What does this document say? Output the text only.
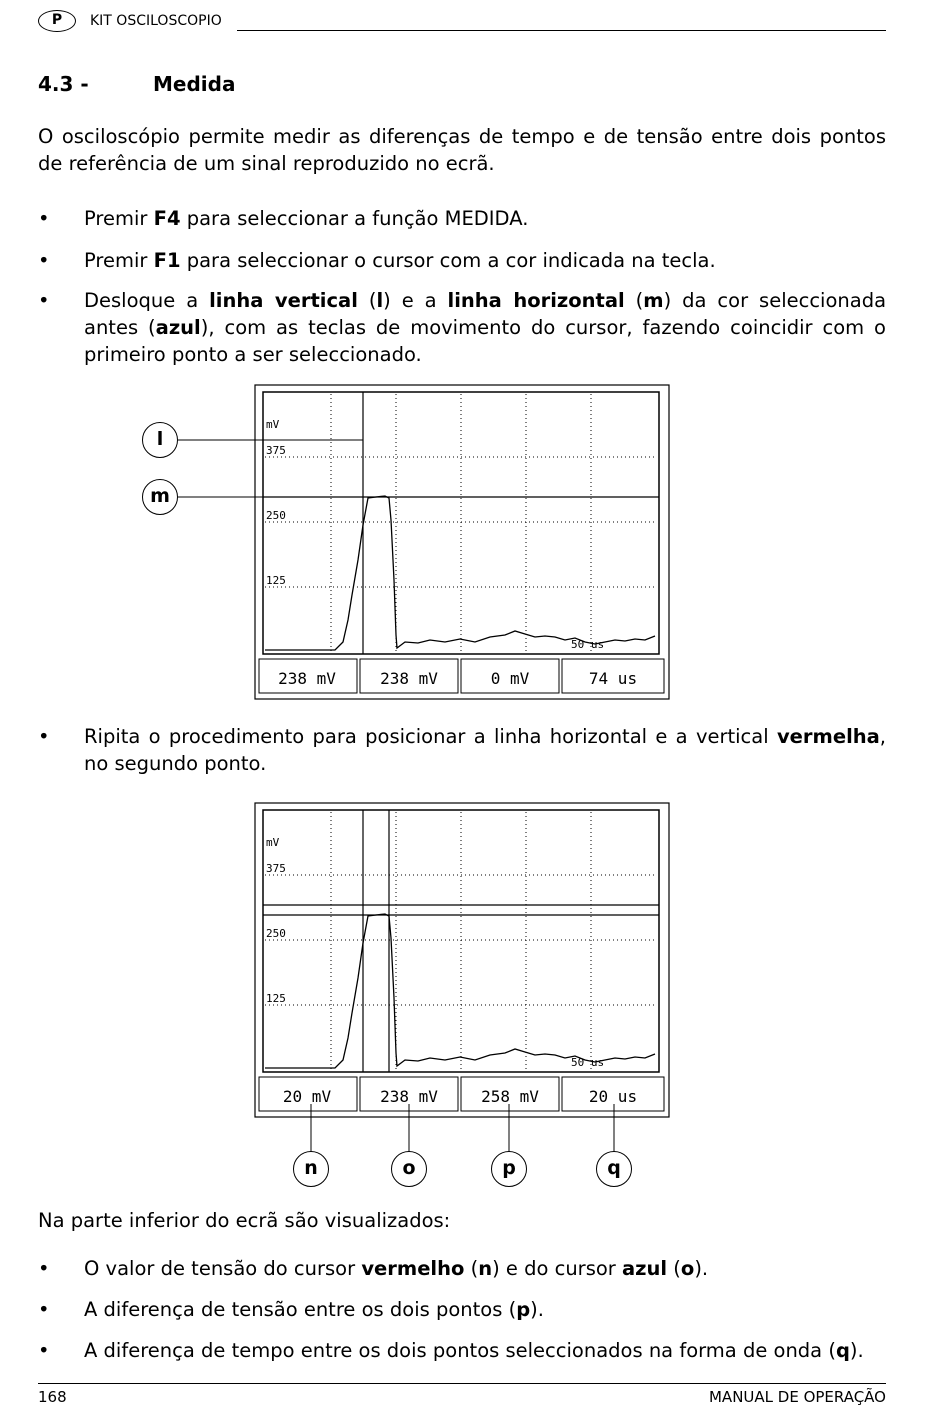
P	KIT OSCILOSCOPIO
4.3 -	Medida
O osciloscópio permite medir as diferenças de tempo e de tensão entre dois pontos de referência de um sinal reproduzido no ecrã.
• Premir F4 para seleccionar a função MEDIDA.
• Premir F1 para seleccionar o cursor com a cor indicada na tecla.
• Desloque a linha vertical (l) e a linha horizontal (m) da cor seleccionada antes (azul), com as teclas de movimento do cursor, fazendo coincidir com o primeiro ponto a ser seleccionado.
mV
375
250
125
50 us
238 mV	238 mV	0 mV	74 us
l
m
• Ripita o procedimento para posicionar a linha horizontal e a vertical vermelha, no segundo ponto.
mV
375
250
125
50 us
20 mV	238 mV	258 mV	20 us
n	o	p	q
Na parte inferior do ecrã são visualizados:
• O valor de tensão do cursor vermelho (n) e do cursor azul (o).
• A diferença de tensão entre os dois pontos (p).
• A diferença de tempo entre os dois pontos seleccionados na forma de onda (q).
168	MANUAL DE OPERAÇÃO
